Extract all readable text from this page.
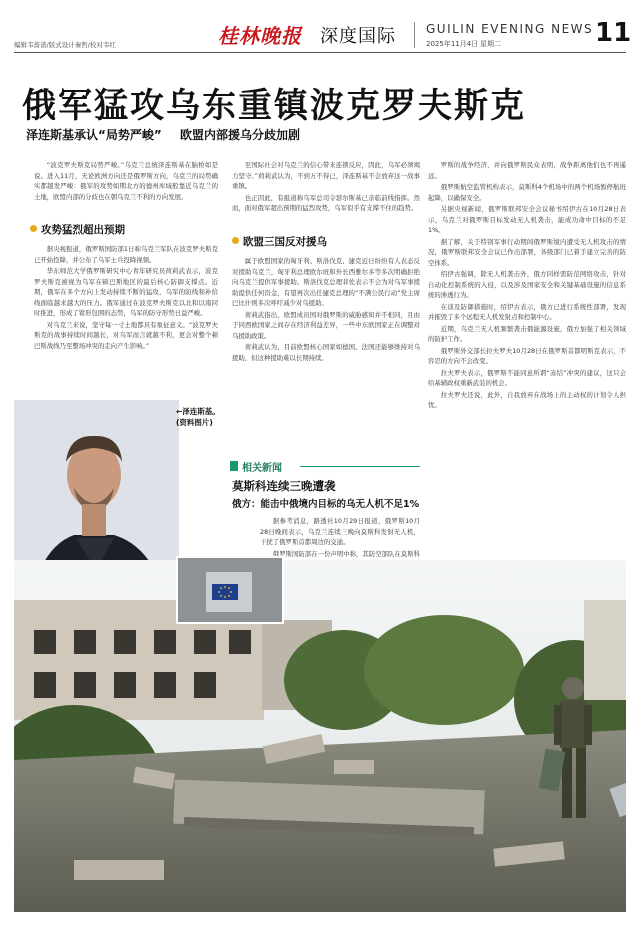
编辑韦蔷蔷/版式设计秦哲/校对韦红	桂林晚报 深度国际	GUILIN EVENING NEWS
2025年11月4日 星期二	11
俄军猛攻乌东重镇波克罗夫斯克
泽连斯基承认“局势严峻” 欧盟内部援乌分歧加剧

“波克罗夫斯克局势严峻。”乌克兰总统泽连斯基在脑桥如是说。进入11月，无论欧洲方向还是俄罗斯方向，乌克兰的局势确实都越发严峻：俄军的攻势如期北方的德州库域般靠近乌克兰的土地，欧盟内部的分歧也在朝乌克兰不利的方向发展。

攻势猛烈超出预期

据央视报道，俄罗斯国防部1日称乌克兰军队在波克罗夫斯克已开始投降，并公布了乌军士兵投降视频。

华东师范大学俄罗斯研究中心青年研究员荷莉武表示，波克罗夫斯克被视为乌军在顿巴斯地区的最后核心防御支撑点。近期，俄军在多个方向上发动持续不断的猛攻，乌军的防线和补给线面临越来越大的压力。俄军通过在波克罗夫斯克以北和以南同时推进，形成了钳形包围的态势，乌军的防守形势日益严峻。

对乌克兰来说，坚守每一寸土地都具有象征意义。“波克罗夫斯克的战事持续时间越长，对乌军而言就越不利，更会对整个顿巴斯战线乃至整场冲突的走向产生影响。”

←泽连斯基。(资料图片)

至国际社会对乌克兰的信心带来连锁反应，因此，乌军必须竭力坚守。”荷莉武认为，不到万不得已，泽连斯基不会放弃这一战事重镇。

也正因此，有报道称乌军总司令瑟尔斯基已亲临前线指挥。然而，面对俄军超出预期的猛烈攻势，乌军似乎有支撑不住的趋势。

欧盟三国反对援乌

属于欧盟国家的匈牙利、斯洛伐克、捷克近日纷纷有人表态反对援助乌克兰，匈牙利总理欧尔班和外长西雅尔多等多次明确拒绝向乌克兰提供军事援助。斯洛伐克总理菲佐表示不会为对乌军事援助提供任何资金，有望再次出任捷克总理的“不满公民行动”党主席巴比什则多次呼吁减少对乌援助。

荷莉武指出，欧盟成员国对俄罗斯的威胁感知并不相同，且由于同西欧国家之间存在经济利益差异，一些中东欧国家正在调整对乌援助政策。

荷莉武认为，目前欧盟核心国家如德国、法国还能够维持对乌援助，但这种援助难以长期持续。

相关新闻
莫斯科连续三晚遭袭
俄方：能击中俄境内目标的乌无人机不足1%

据参考消息，路透社10月29日报道，俄罗斯10月28日晚间表示，乌克兰连续三晚向莫斯科发射无人机，干扰了俄罗斯首都周边的交通。

俄罗斯国防部在一份声明中称，其防空部队在莫斯科

罗斯的战争经济，并向俄罗斯民众表明，战争距离他们也不再遥远。

俄罗斯航空监管机构表示，莫斯科4个机场中的两个机场暂停航班起降，以确保安全。

另据央视新闻，俄罗斯联邦安全会议秘书绍伊古在10月28日表示，乌克兰对俄罗斯目标发动无人机袭击，能成功命中目标的不足1%。

据了解，关于特别军事行动期间俄罗斯境内遭受无人机攻击的情况，俄罗斯联邦安全会议已作出部署，各级部门已着手建立完善的防空体系。

绍伊古强调，除无人机袭击外，俄方同样需防范网络攻击，针对自动化控制系统的入侵，以及涉及国家安全和关键基础设施的信息系统的渗透行为。

在谈及防御措施时，绍伊古表示，俄方已进行系统性部署，发现并摧毁了多个远程无人机发射点和控制中心。

近期，乌克兰无人机频繁袭击俄能源设施，俄方加强了相关领域的防护工作。

俄罗斯外交部长拉夫罗夫10月28日在俄罗斯首都明斯克表示，不容忍的方向不会改变。

拉夫罗夫表示，俄罗斯不能同意所谓“冻结”冲突的建议，这只会给基辅政权重新武装的机会。

拉夫罗夫还说，此外，自我放弃在战场上的主动权的计划令人担忧。
